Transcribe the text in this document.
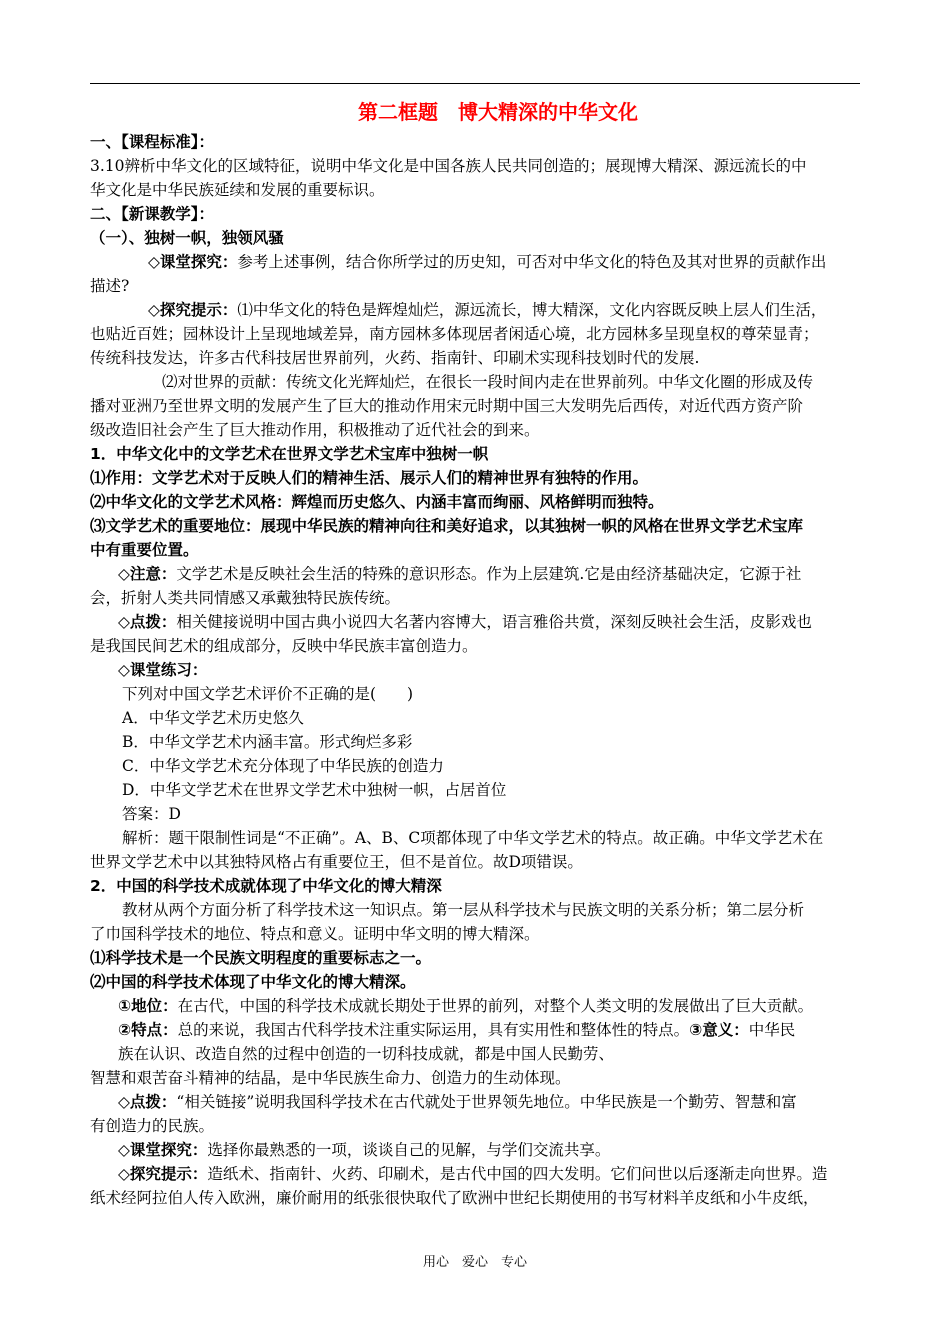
第二框题　博大精深的中华文化
一、【课程标准】：
3.10辨析中华文化的区域特征，说明中华文化是中国各族人民共同创造的；展现博大精深、源远流长的中
华文化是中华民族延续和发展的重要标识。
二、【新课教学】：
（一）、独树一帜，独领风骚
◇课堂探究：参考上述事例，结合你所学过的历史知，可否对中华文化的特色及其对世界的贡献作出
描述?
◇探究提示：⑴中华文化的特色是辉煌灿烂，源远流长，博大精深，文化内容既反映上层人们生活，
也贴近百姓；园林设计上呈现地域差异，南方园林多体现居者闲适心境，北方园林多呈现皇权的尊荣显青；
传统科技发达，许多古代科技居世界前列，火药、指南针、印刷术实现科技划时代的发展.
⑵对世界的贡献：传统文化光辉灿烂，在很长一段时间内走在世界前列。中华文化圈的形成及传
播对亚洲乃至世界文明的发展产生了巨大的推动作用宋元时期中国三大发明先后西传，对近代西方资产阶
级改造旧社会产生了巨大推动作用，积极推动了近代社会的到来。
1．中华文化中的文学艺术在世界文学艺术宝库中独树一帜
⑴作用：文学艺术对于反映人们的精神生活、展示人们的精神世界有独特的作用。
⑵中华文化的文学艺术风格：辉煌而历史悠久、内涵丰富而绚丽、风格鲜明而独特。
⑶文学艺术的重要地位：展现中华民族的精神向往和美好追求，以其独树一帜的风格在世界文学艺术宝库
中有重要位置。
◇注意：文学艺术是反映社会生活的特殊的意识形态。作为上层建筑.它是由经济基础决定，它源于社
会，折射人类共同情感又承戴独特民族传统。
◇点拨：相关健接说明中国古典小说四大名著内容博大，语言雅俗共赏，深刻反映社会生活，皮影戏也
是我国民间艺术的组成部分，反映中华民族丰富创造力。
◇课堂练习：
下列对中国文学艺术评价不正确的是(　　)
A．中华文学艺术历史悠久
B．中华文学艺术内涵丰富。形式绚烂多彩
C．中华文学艺术充分体现了中华民族的创造力
D．中华文学艺术在世界文学艺术中独树一帜，占居首位
答案：D
解析：题干限制性词是“不正确”。A、B、C项都体现了中华文学艺术的特点。故正确。中华文学艺术在
世界文学艺术中以其独特风格占有重要位王，但不是首位。故D项错误。
2．中国的科学技术成就体现了中华文化的博大精深
教材从两个方面分析了科学技术这一知识点。第一层从科学技术与民族文明的关系分析；第二层分析
了巾国科学技术的地位、特点和意义。证明中华文明的博大精深。
⑴科学技术是一个民族文明程度的重要标志之一。
⑵中国的科学技术体现了中华文化的博大精深。
①地位：在古代，中国的科学技术成就长期处于世界的前列，对整个人类文明的发展做出了巨大贡献。
②特点：总的来说，我国古代科学技术注重实际运用，具有实用性和整体性的特点。③意义：中华民
族在认识、改造自然的过程中创造的一切科技成就，都是中国人民勤劳、
智慧和艰苦奋斗精神的结晶，是中华民族生命力、创造力的生动体现。
◇点拨：“相关链接”说明我国科学技术在古代就处于世界领先地位。中华民族是一个勤劳、智慧和富
有创造力的民族。
◇课堂探究：选择你最熟悉的一项，谈谈自己的见解，与学们交流共享。
◇探究提示：造纸术、指南针、火药、印刷术，是古代中国的四大发明。它们问世以后逐渐走向世界。造
纸术经阿拉伯人传入欧洲，廉价耐用的纸张很快取代了欧洲中世纪长期使用的书写材料羊皮纸和小牛皮纸，
用心　爱心　专心
